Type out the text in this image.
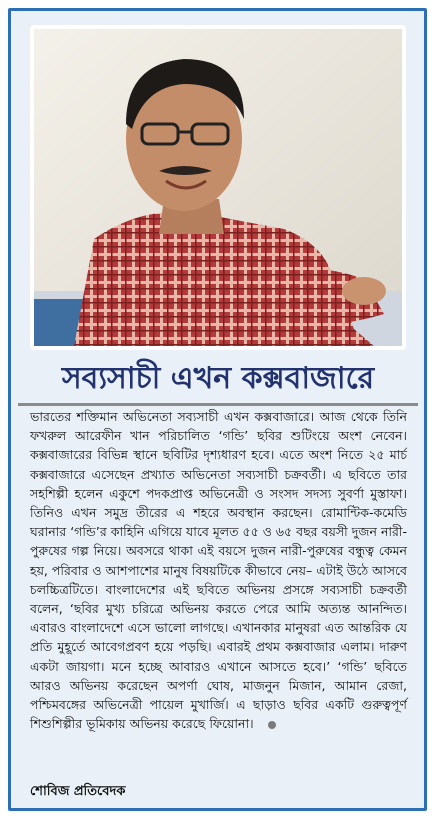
সব্যসাচী এখন কক্সবাজারে
ভারতের শক্তিমান অভিনেতা সব্যসাচী এখন কক্সবাজারে। আজ থেকে তিনি ফখরুল আরেফীন খান পরিচালিত ‘গন্ডি’ ছবির শুটিংয়ে অংশ নেবেন। কক্সবাজারের বিভিন্ন স্থানে ছবিটির দৃশ্যধারণ হবে। এতে অংশ নিতে ২৫ মার্চ কক্সবাজারে এসেছেন প্রখ্যাত অভিনেতা সব্যসাচী চক্রবর্তী। এ ছবিতে তার সহশিল্পী হলেন একুশে পদকপ্রাপ্ত অভিনেত্রী ও সংসদ সদস্য সুবর্ণা মুস্তাফা। তিনিও এখন সমুদ্র তীরের এ শহরে অবস্থান করছেন। রোমান্টিক-কমেডি ঘরানার ‘গন্ডি’র কাহিনি এগিয়ে যাবে মূলত ৫৫ ও ৬৫ বছর বয়সী দুজন নারী-পুরুষের গল্প নিয়ে। অবসরে থাকা এই বয়সে দুজন নারী-পুরুষের বন্ধুত্ব কেমন হয়, পরিবার ও আশপাশের মানুষ বিষয়টিকে কীভাবে নেয়– এটাই উঠে আসবে চলচ্চিত্রটিতে। বাংলাদেশের এই ছবিতে অভিনয় প্রসঙ্গে সব্যসাচী চক্রবর্তী বলেন, ‘ছবির মুখ্য চরিত্রে অভিনয় করতে পেরে আমি অত্যন্ত আনন্দিত। এবারও বাংলাদেশে এসে ভালো লাগছে। এখানকার মানুষরা এত আন্তরিক যে প্রতি মুহূর্তে আবেগপ্রবণ হয়ে পড়ছি। এবারই প্রথম কক্সবাজার এলাম। দারুণ একটা জায়গা। মনে হচ্ছে আবারও এখানে আসতে হবে।’ ‘গন্ডি’ ছবিতে আরও অভিনয় করেছেন অপর্ণা ঘোষ, মাজনুন মিজান, আমান রেজা, পশ্চিমবঙ্গের অভিনেত্রী পায়েল মুখার্জি। এ ছাড়াও ছবির একটি গুরুত্বপূর্ণ শিশুশিল্পীর ভূমিকায় অভিনয় করেছে ফিয়োনা।
শোবিজ প্রতিবেদক
